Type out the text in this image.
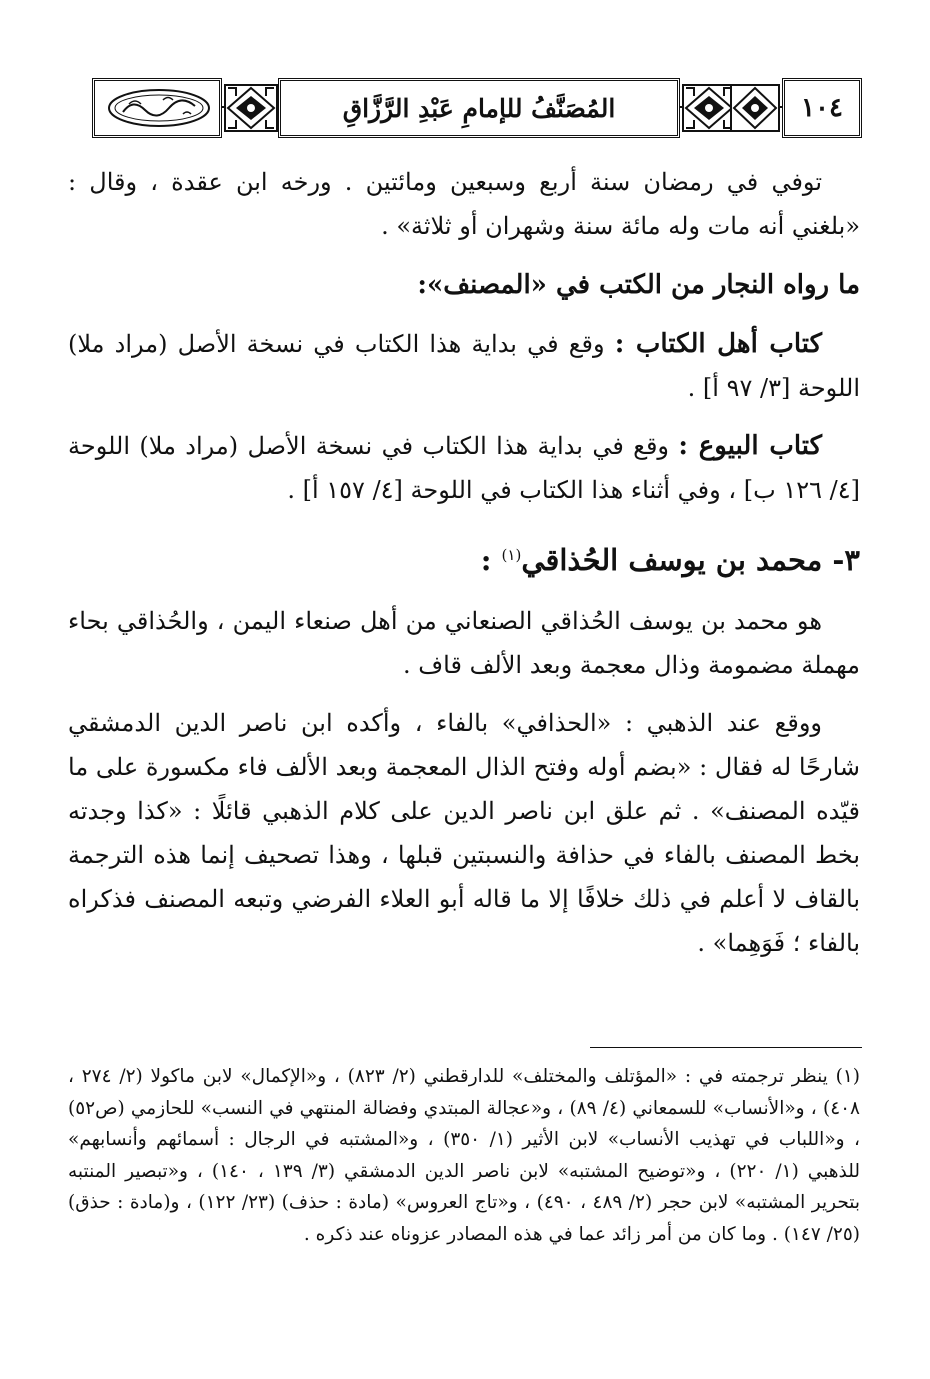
المُصَنَّفُ للإمامِ عَبْدِ الرَّزَّاقِ	١٠٤

توفي في رمضان سنة أربع وسبعين ومائتين . ورخه ابن عقدة ، وقال : «بلغني أنه مات وله مائة سنة وشهران أو ثلاثة» .

ما رواه النجار من الكتب في «المصنف»:

كتاب أهل الكتاب : وقع في بداية هذا الكتاب في نسخة الأصل (مراد ملا) اللوحة [٣/ ٩٧ أ] .

كتاب البيوع : وقع في بداية هذا الكتاب في نسخة الأصل (مراد ملا) اللوحة [٤/ ١٢٦ ب] ، وفي أثناء هذا الكتاب في اللوحة [٤/ ١٥٧ أ] .

٣- محمد بن يوسف الحُذاقي$^{(١)}$ :

هو محمد بن يوسف الحُذاقي الصنعاني من أهل صنعاء اليمن ، والحُذاقي بحاء مهملة مضمومة وذال معجمة وبعد الألف قاف .

ووقع عند الذهبي : «الحذافي» بالفاء ، وأكده ابن ناصر الدين الدمشقي شارحًا له فقال : «بضم أوله وفتح الذال المعجمة وبعد الألف فاء مكسورة على ما قيّده المصنف» . ثم علق ابن ناصر الدين على كلام الذهبي قائلًا : «كذا وجدته بخط المصنف بالفاء في حذافة والنسبتين قبلها ، وهذا تصحيف إنما هذه الترجمة بالقاف لا أعلم في ذلك خلافًا إلا ما قاله أبو العلاء الفرضي وتبعه المصنف فذكراه بالفاء ؛ فَوَهِما» .

(١) ينظر ترجمته في : «المؤتلف والمختلف» للدارقطني (٢/ ٨٢٣) ، و«الإكمال» لابن ماكولا (٢/ ٢٧٤ ، ٤٠٨) ، و«الأنساب» للسمعاني (٤/ ٨٩) ، و«عجالة المبتدي وفضالة المنتهي في النسب» للحازمي (ص٥٢) ، و«اللباب في تهذيب الأنساب» لابن الأثير (١/ ٣٥٠) ، و«المشتبه في الرجال : أسمائهم وأنسابهم» للذهبي (١/ ٢٢٠) ، و«توضيح المشتبه» لابن ناصر الدين الدمشقي (٣/ ١٣٩ ، ١٤٠) ، و«تبصير المنتبه بتحرير المشتبه» لابن حجر (٢/ ٤٨٩ ، ٤٩٠) ، و«تاج العروس» (مادة : حذف) (٢٣/ ١٢٢) ، و(مادة : حذق) (٢٥/ ١٤٧) . وما كان من أمر زائد عما في هذه المصادر عزوناه عند ذكره .
